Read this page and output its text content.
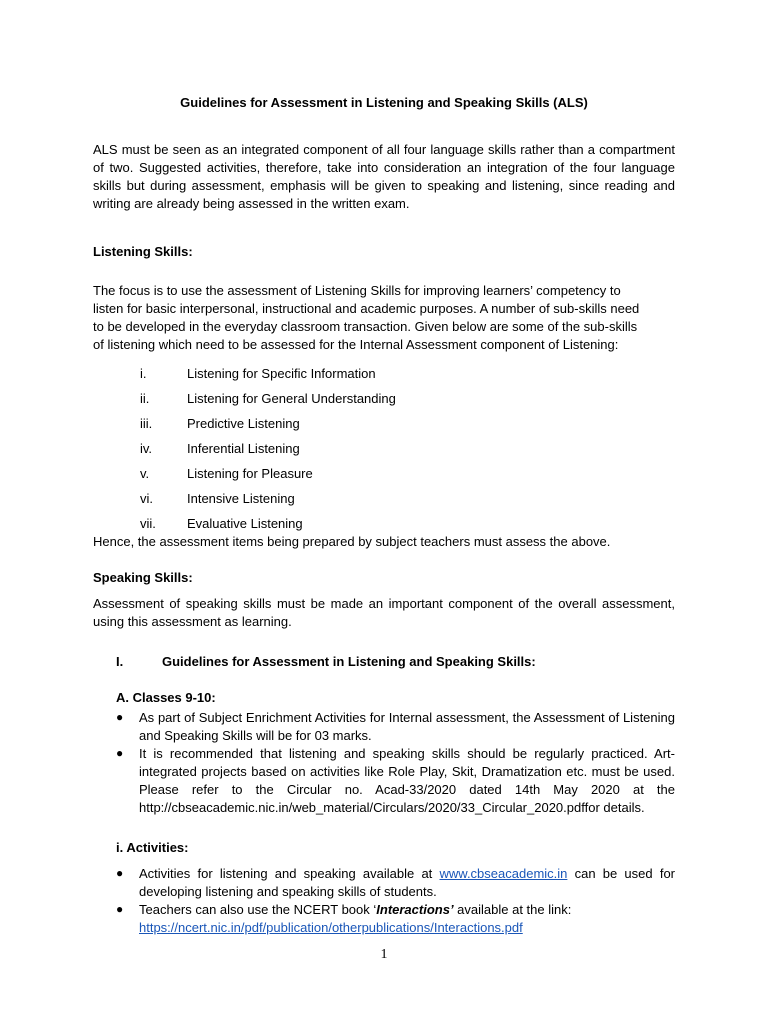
Guidelines for Assessment in Listening and Speaking Skills (ALS)
ALS must be seen as an integrated component of all four language skills rather than a compartment of two. Suggested activities, therefore, take into consideration an integration of the four language skills but during assessment, emphasis will be given to speaking and listening, since reading and writing are already being assessed in the written exam.
Listening Skills:
The focus is to use the assessment of Listening Skills for improving learners’ competency to
listen for basic interpersonal, instructional and academic purposes. A number of sub-skills need
to be developed in the everyday classroom transaction. Given below are some of the sub-skills
of listening which need to be assessed for the Internal Assessment component of Listening:
i.	Listening for Specific Information
ii.	Listening for General Understanding
iii.	Predictive Listening
iv.	Inferential Listening
v.	Listening for Pleasure
vi.	Intensive Listening
vii. Evaluative Listening
Hence, the assessment items being prepared by subject teachers must assess the above.
Speaking Skills:
Assessment of speaking skills must be made an important component of the overall assessment, using this assessment as learning.
I.	Guidelines for Assessment in Listening and Speaking Skills:
A. Classes 9-10:
● As part of Subject Enrichment Activities for Internal assessment, the Assessment of Listening and Speaking Skills will be for 03 marks.
● It is recommended that listening and speaking skills should be regularly practiced. Art-integrated projects based on activities like Role Play, Skit, Dramatization etc. must be used. Please refer to the Circular no. Acad-33/2020 dated 14th May 2020 at the http://cbseacademic.nic.in/web_material/Circulars/2020/33_Circular_2020.pdffor details.
i. Activities:
● Activities for listening and speaking available at www.cbseacademic.in can be used for developing listening and speaking skills of students.
● Teachers can also use the NCERT book ‘Interactions’ available at the link:
https://ncert.nic.in/pdf/publication/otherpublications/Interactions.pdf
1
